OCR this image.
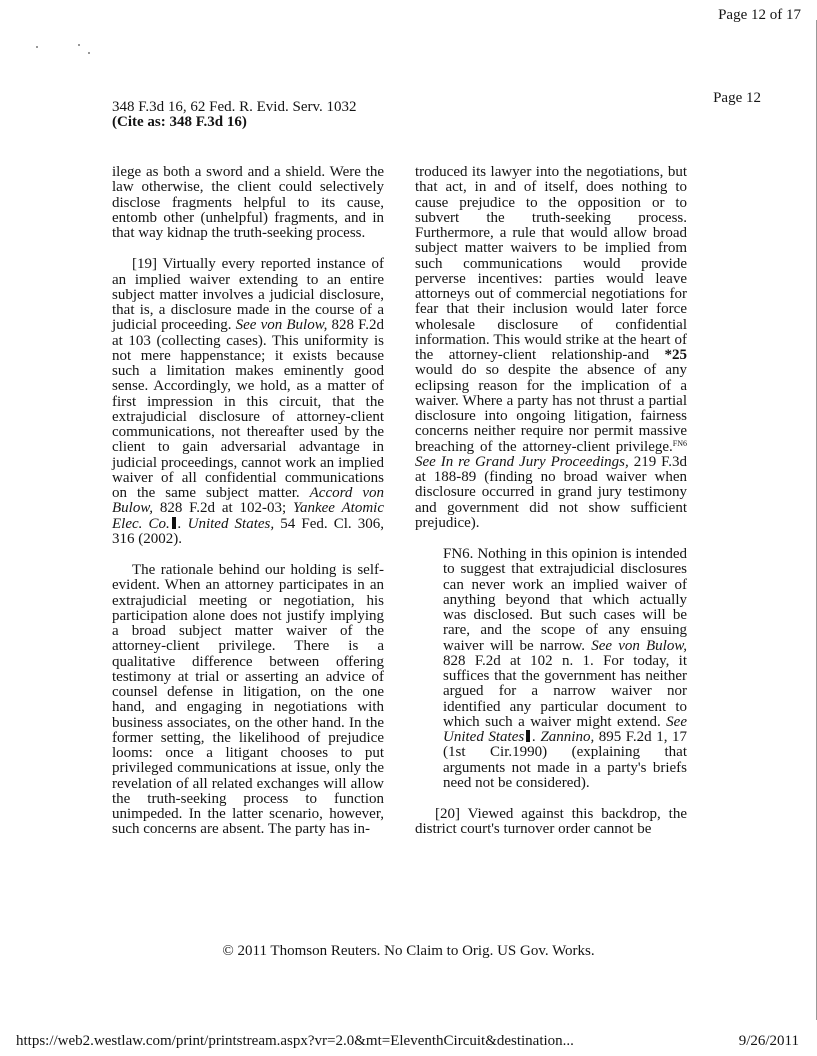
Page 12 of 17
Page 12
348 F.3d 16, 62 Fed. R. Evid. Serv. 1032
(Cite as: 348 F.3d 16)

ilege as both a sword and a shield. Were the law otherwise, the client could selectively disclose fragments helpful to its cause, entomb other (unhelpful) fragments, and in that way kidnap the truth-seeking process.

[19] Virtually every reported instance of an implied waiver extending to an entire subject matter involves a judicial disclosure, that is, a disclosure made in the course of a judicial proceeding. See von Bulow, 828 F.2d at 103 (collecting cases). This uniformity is not mere happenstance; it exists because such a limitation makes eminently good sense. Accordingly, we hold, as a matter of first impression in this circuit, that the extrajudicial disclosure of attorney-client communications, not thereafter used by the client to gain adversarial advantage in judicial proceedings, cannot work an implied waiver of all confidential communications on the same subject matter. Accord von Bulow, 828 F.2d at 102-03; Yankee Atomic Elec. Co. . United States, 54 Fed. Cl. 306, 316 (2002).

The rationale behind our holding is self-evident. When an attorney participates in an extrajudicial meeting or negotiation, his participation alone does not justify implying a broad subject matter waiver of the attorney-client privilege. There is a qualitative difference between offering testimony at trial or asserting an advice of counsel defense in litigation, on the one hand, and engaging in negotiations with business associates, on the other hand. In the former setting, the likelihood of prejudice looms: once a litigant chooses to put privileged communications at issue, only the revelation of all related exchanges will allow the truth-seeking process to function unimpeded. In the latter scenario, however, such concerns are absent. The party has in-

troduced its lawyer into the negotiations, but that act, in and of itself, does nothing to cause prejudice to the opposition or to subvert the truth-seeking process. Furthermore, a rule that would allow broad subject matter waivers to be implied from such communications would provide perverse incentives: parties would leave attorneys out of commercial negotiations for fear that their inclusion would later force wholesale disclosure of confidential information. This would strike at the heart of the attorney-client relationship-and *25 would do so despite the absence of any eclipsing reason for the implication of a waiver. Where a party has not thrust a partial disclosure into ongoing litigation, fairness concerns neither require nor permit massive breaching of the attorney-client privilege.$^{FN6}$ See In re Grand Jury Proceedings, 219 F.3d at 188-89 (finding no broad waiver when disclosure occurred in grand jury testimony and government did not show sufficient prejudice).

FN6. Nothing in this opinion is intended to suggest that extrajudicial disclosures can never work an implied waiver of anything beyond that which actually was disclosed. But such cases will be rare, and the scope of any ensuing waiver will be narrow. See von Bulow, 828 F.2d at 102 n. 1. For today, it suffices that the government has neither argued for a narrow waiver nor identified any particular document to which such a waiver might extend. See United States . Zannino, 895 F.2d 1, 17 (1st Cir.1990) (explaining that arguments not made in a party's briefs need not be considered).

[20] Viewed against this backdrop, the district court's turnover order cannot be

© 2011 Thomson Reuters. No Claim to Orig. US Gov. Works.
https://web2.westlaw.com/print/printstream.aspx?vr=2.0&mt=EleventhCircuit&destination...	9/26/2011
